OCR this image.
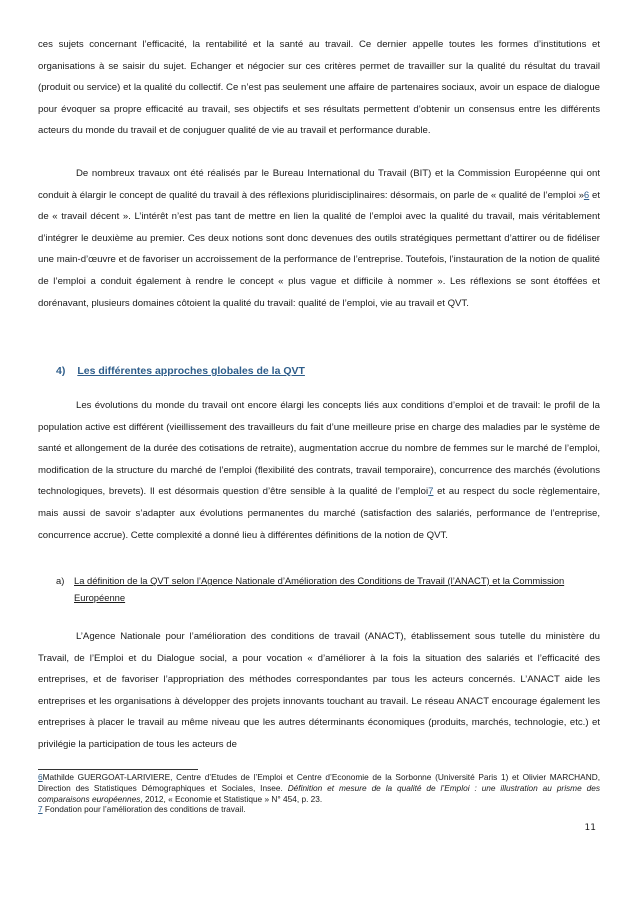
ces sujets concernant l’efficacité, la rentabilité et la santé au travail. Ce dernier appelle toutes les formes d’institutions et organisations à se saisir du sujet. Echanger et négocier sur ces critères permet de travailler sur la qualité du résultat du travail (produit ou service) et la qualité du collectif. Ce n’est pas seulement une affaire de partenaires sociaux, avoir un espace de dialogue pour évoquer sa propre efficacité au travail, ses objectifs et ses résultats permettent d’obtenir un consensus entre les différents acteurs du monde du travail et de conjuguer qualité de vie au travail et performance durable.

De nombreux travaux ont été réalisés par le Bureau International du Travail (BIT) et la Commission Européenne qui ont conduit à élargir le concept de qualité du travail à des réflexions pluridisciplinaires: désormais, on parle de « qualité de l’emploi »6 et de « travail décent ». L’intérêt n’est pas tant de mettre en lien la qualité de l’emploi avec la qualité du travail, mais véritablement d’intégrer le deuxième au premier. Ces deux notions sont donc devenues des outils stratégiques permettant d’attirer ou de fidéliser une main-d’œuvre et de favoriser un accroissement de la performance de l’entreprise. Toutefois, l’instauration de la notion de qualité de l’emploi a conduit également à rendre le concept « plus vague et difficile à nommer ». Les réflexions se sont étoffées et dorénavant, plusieurs domaines côtoient la qualité du travail: qualité de l’emploi, vie au travail et QVT.

4) Les différentes approches globales de la QVT

Les évolutions du monde du travail ont encore élargi les concepts liés aux conditions d’emploi et de travail: le profil de la population active est différent (vieillissement des travailleurs du fait d’une meilleure prise en charge des maladies par le système de santé et allongement de la durée des cotisations de retraite), augmentation accrue du nombre de femmes sur le marché de l’emploi, modification de la structure du marché de l’emploi (flexibilité des contrats, travail temporaire), concurrence des marchés (évolutions technologiques, brevets). Il est désormais question d’être sensible à la qualité de l’emploi7 et au respect du socle règlementaire, mais aussi de savoir s’adapter aux évolutions permanentes du marché (satisfaction des salariés, performance de l’entreprise, concurrence accrue). Cette complexité a donné lieu à différentes définitions de la notion de QVT.

a) La définition de la QVT selon l’Agence Nationale d’Amélioration des Conditions de Travail (l’ANACT) et la Commission Européenne

L’Agence Nationale pour l’amélioration des conditions de travail (ANACT), établissement sous tutelle du ministère du Travail, de l’Emploi et du Dialogue social, a pour vocation « d’améliorer à la fois la situation des salariés et l’efficacité des entreprises, et de favoriser l’appropriation des méthodes correspondantes par tous les acteurs concernés. L’ANACT aide les entreprises et les organisations à développer des projets innovants touchant au travail. Le réseau ANACT encourage également les entreprises à placer le travail au même niveau que les autres déterminants économiques (produits, marchés, technologie, etc.) et privilégie la participation de tous les acteurs de

6Mathilde GUERGOAT-LARIVIERE, Centre d’Etudes de l’Emploi et Centre d’Economie de la Sorbonne (Université Paris 1) et Olivier MARCHAND, Direction des Statistiques Démographiques et Sociales, Insee. Définition et mesure de la qualité de l’Emploi : une illustration au prisme des comparaisons européennes, 2012, « Economie et Statistique » N° 454, p. 23.

7 Fondation pour l’amélioration des conditions de travail.

11
